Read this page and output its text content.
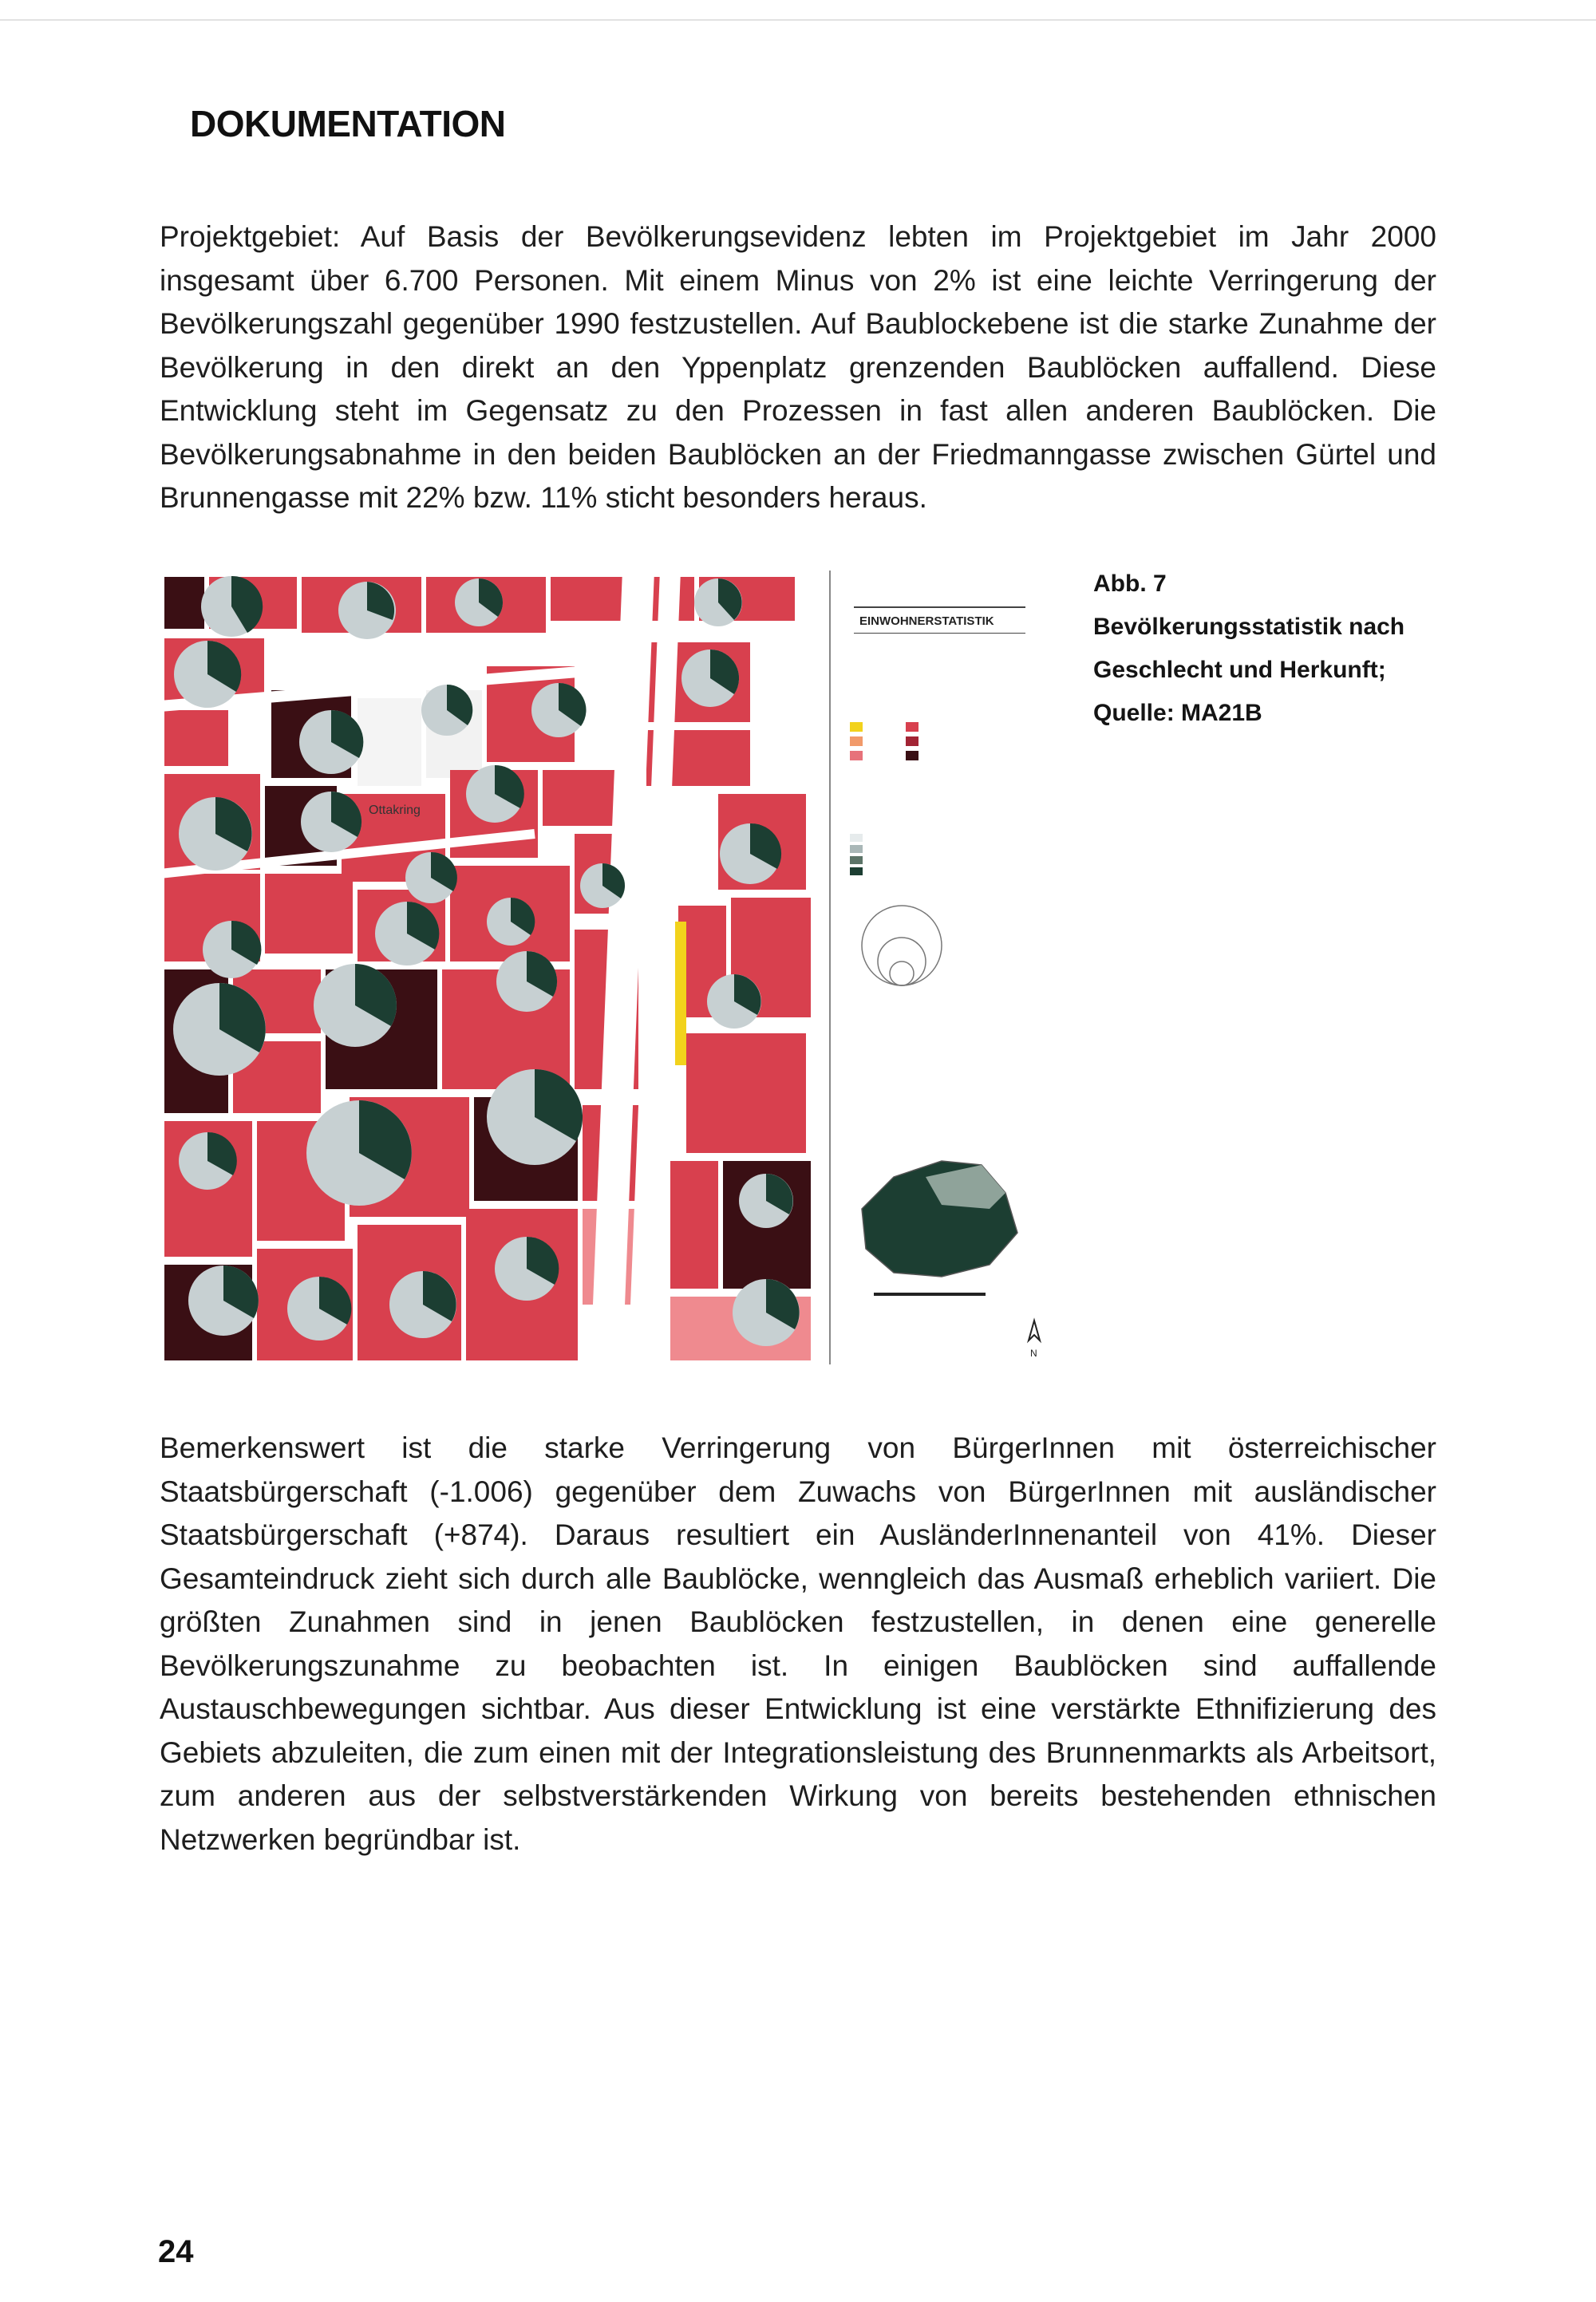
DOKUMENTATION

Projektgebiet: Auf Basis der Bevölkerungsevidenz lebten im Projektgebiet im Jahr 2000 insgesamt über 6.700 Personen. Mit einem Minus von 2% ist eine leichte Verringerung der Bevölkerungszahl gegenüber 1990 festzustellen. Auf Baublockebene ist die starke Zunahme der Bevölkerung in den direkt an den Yppenplatz grenzenden Baublöcken auffallend. Diese Entwicklung steht im Gegensatz zu den Prozessen in fast allen anderen Baublöcken. Die Bevölkerungsabnahme in den beiden Baublöcken an der Friedmanngasse zwischen Gürtel und Brunnengasse mit 22% bzw. 11% sticht besonders heraus.

Ottakring
EINWOHNERSTATISTIK
N
Abb. 7
Bevölkerungsstatistik nach
Geschlecht und Herkunft;
Quelle: MA21B

Bemerkenswert ist die starke Verringerung von BürgerInnen mit österreichischer Staatsbürgerschaft (-1.006) gegenüber dem Zuwachs von BürgerInnen mit ausländischer Staatsbürgerschaft (+874). Daraus resultiert ein AusländerInnenanteil von 41%. Dieser Gesamteindruck zieht sich durch alle Baublöcke, wenngleich das Ausmaß erheblich variiert. Die größten Zunahmen sind in jenen Baublöcken festzustellen, in denen eine generelle Bevölkerungszunahme zu beobachten ist. In einigen Baublöcken sind auffallende Austauschbewegungen sichtbar. Aus dieser Entwicklung ist eine verstärkte Ethnifizierung des Gebiets abzuleiten, die zum einen mit der Integrationsleistung des Brunnenmarkts als Arbeitsort, zum anderen aus der selbstverstärkenden Wirkung von bereits bestehenden ethnischen Netzwerken begründbar ist.

24
